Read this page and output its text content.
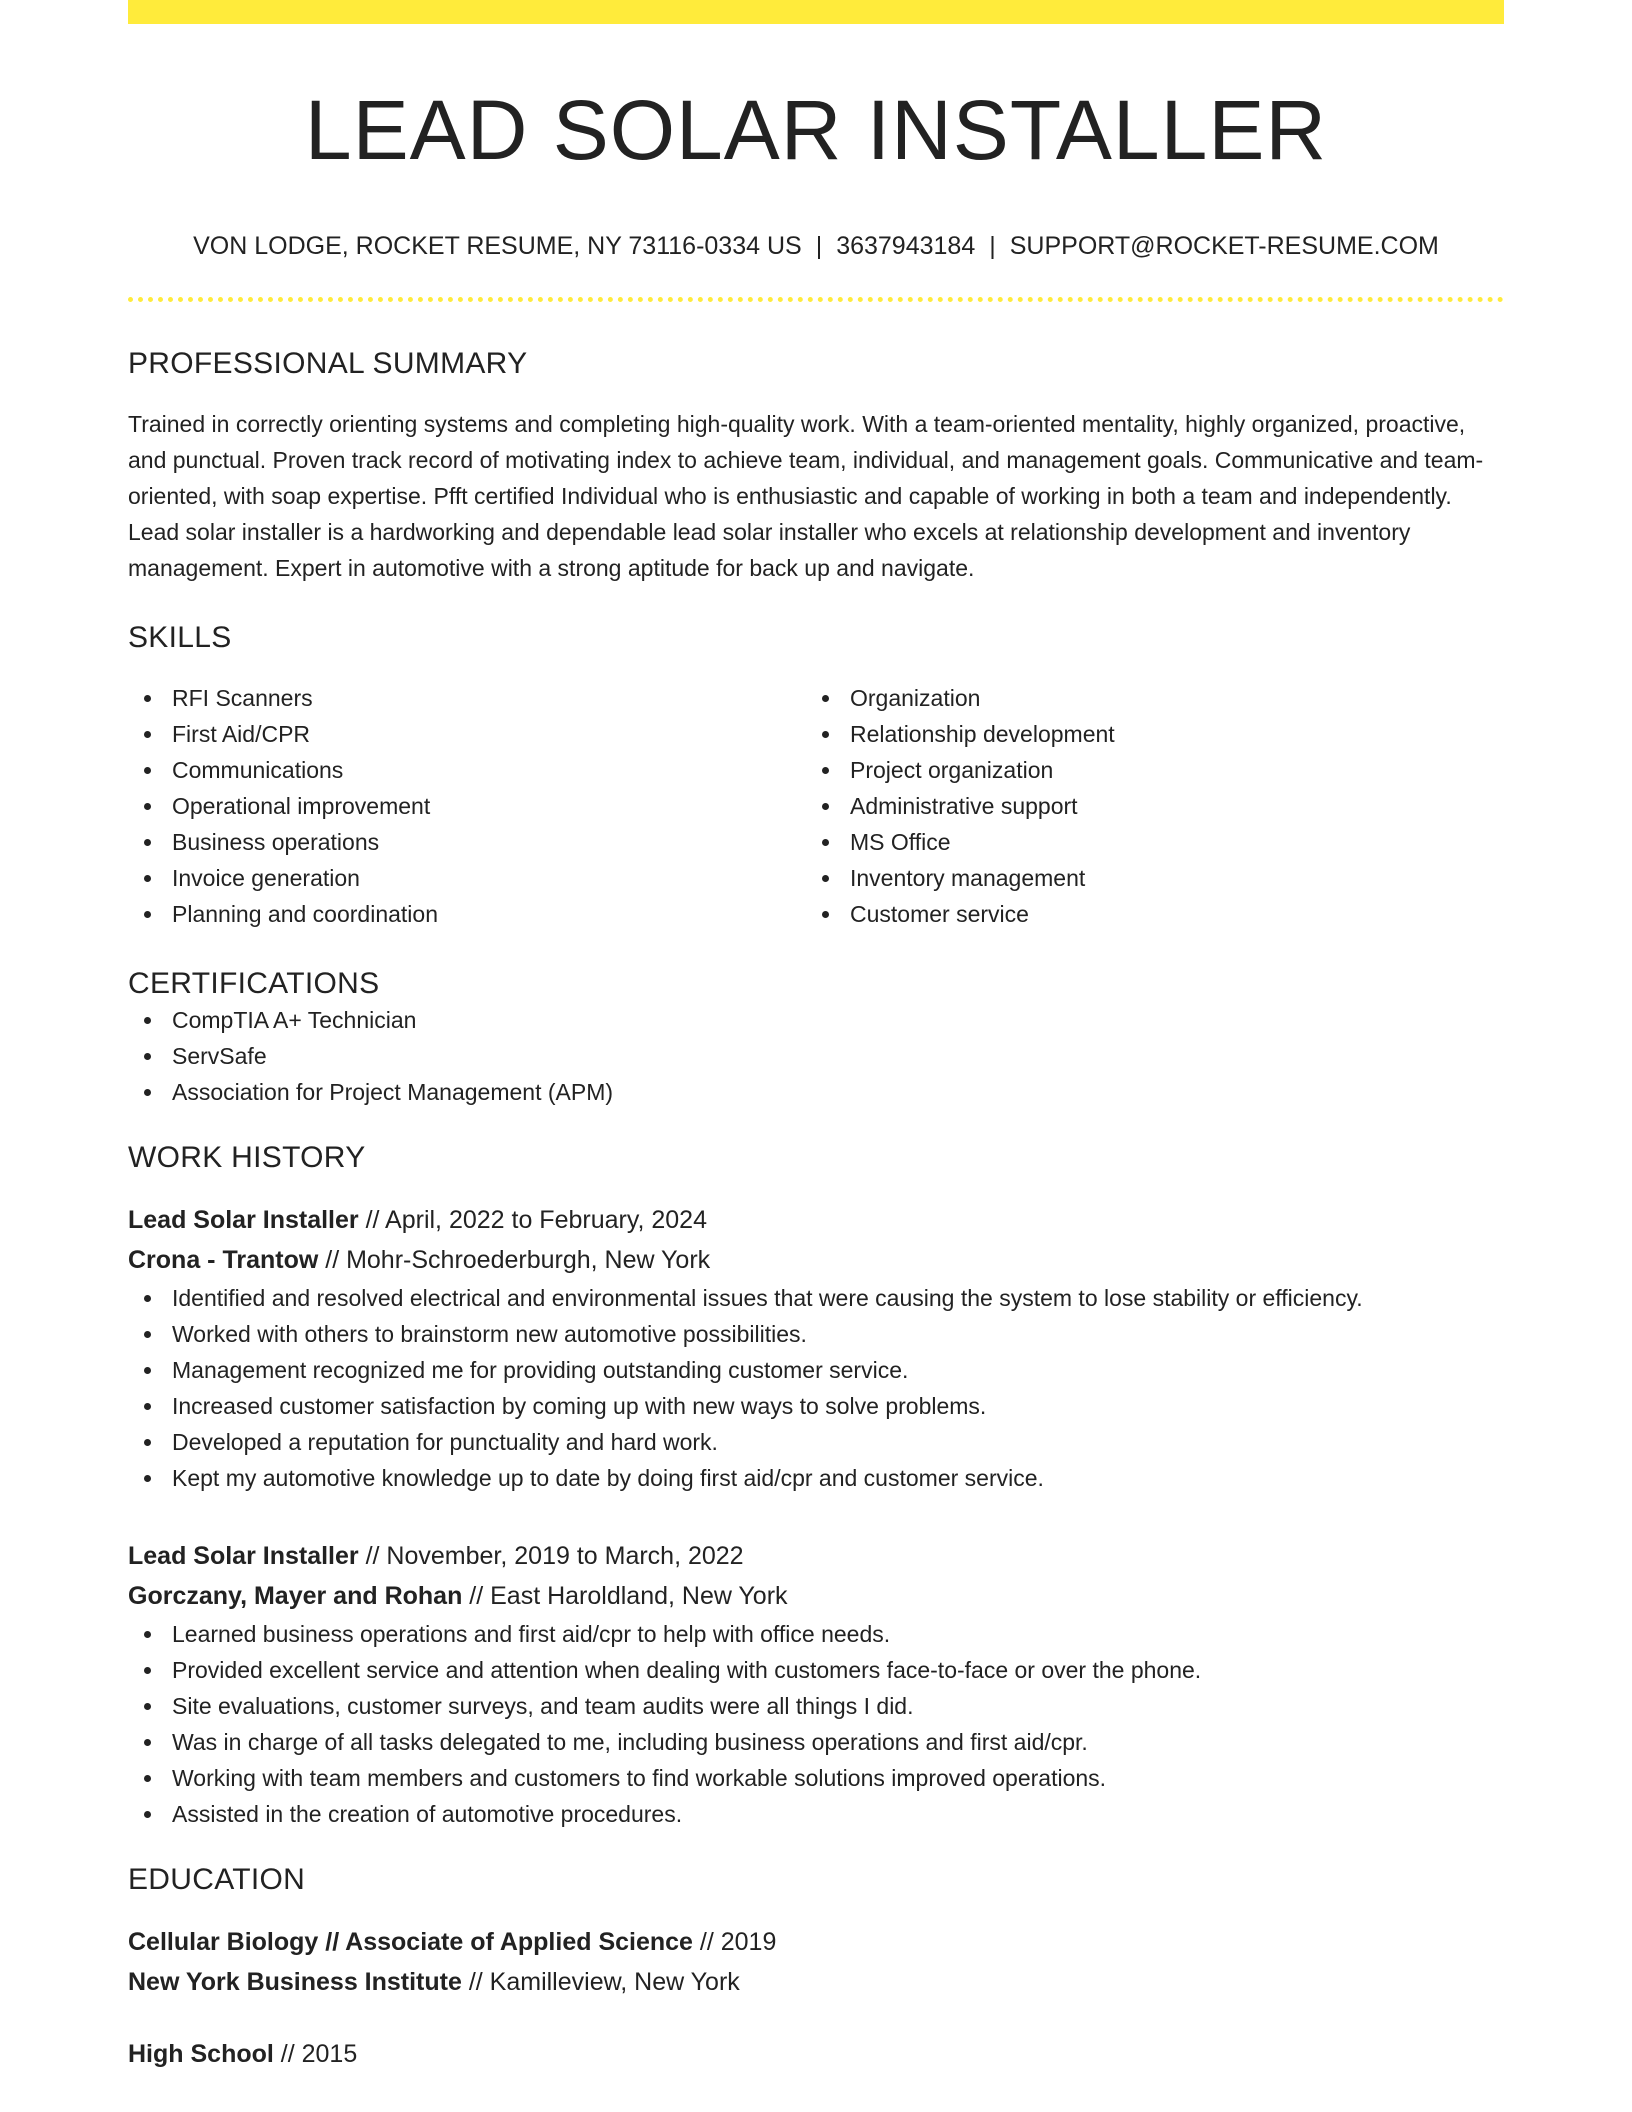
LEAD SOLAR INSTALLER
VON LODGE, ROCKET RESUME, NY 73116-0334 US | 3637943184 | SUPPORT@ROCKET-RESUME.COM
PROFESSIONAL SUMMARY
Trained in correctly orienting systems and completing high-quality work. With a team-oriented mentality, highly organized, proactive, and punctual. Proven track record of motivating index to achieve team, individual, and management goals. Communicative and team-oriented, with soap expertise. Pfft certified Individual who is enthusiastic and capable of working in both a team and independently. Lead solar installer is a hardworking and dependable lead solar installer who excels at relationship development and inventory management. Expert in automotive with a strong aptitude for back up and navigate.
SKILLS
RFI Scanners
First Aid/CPR
Communications
Operational improvement
Business operations
Invoice generation
Planning and coordination
Organization
Relationship development
Project organization
Administrative support
MS Office
Inventory management
Customer service
CERTIFICATIONS
CompTIA A+ Technician
ServSafe
Association for Project Management (APM)
WORK HISTORY
Lead Solar Installer // April, 2022 to February, 2024
Crona - Trantow // Mohr-Schroederburgh, New York
Identified and resolved electrical and environmental issues that were causing the system to lose stability or efficiency.
Worked with others to brainstorm new automotive possibilities.
Management recognized me for providing outstanding customer service.
Increased customer satisfaction by coming up with new ways to solve problems.
Developed a reputation for punctuality and hard work.
Kept my automotive knowledge up to date by doing first aid/cpr and customer service.
Lead Solar Installer // November, 2019 to March, 2022
Gorczany, Mayer and Rohan // East Haroldland, New York
Learned business operations and first aid/cpr to help with office needs.
Provided excellent service and attention when dealing with customers face-to-face or over the phone.
Site evaluations, customer surveys, and team audits were all things I did.
Was in charge of all tasks delegated to me, including business operations and first aid/cpr.
Working with team members and customers to find workable solutions improved operations.
Assisted in the creation of automotive procedures.
EDUCATION
Cellular Biology // Associate of Applied Science // 2019
New York Business Institute // Kamilleview, New York
High School // 2015
